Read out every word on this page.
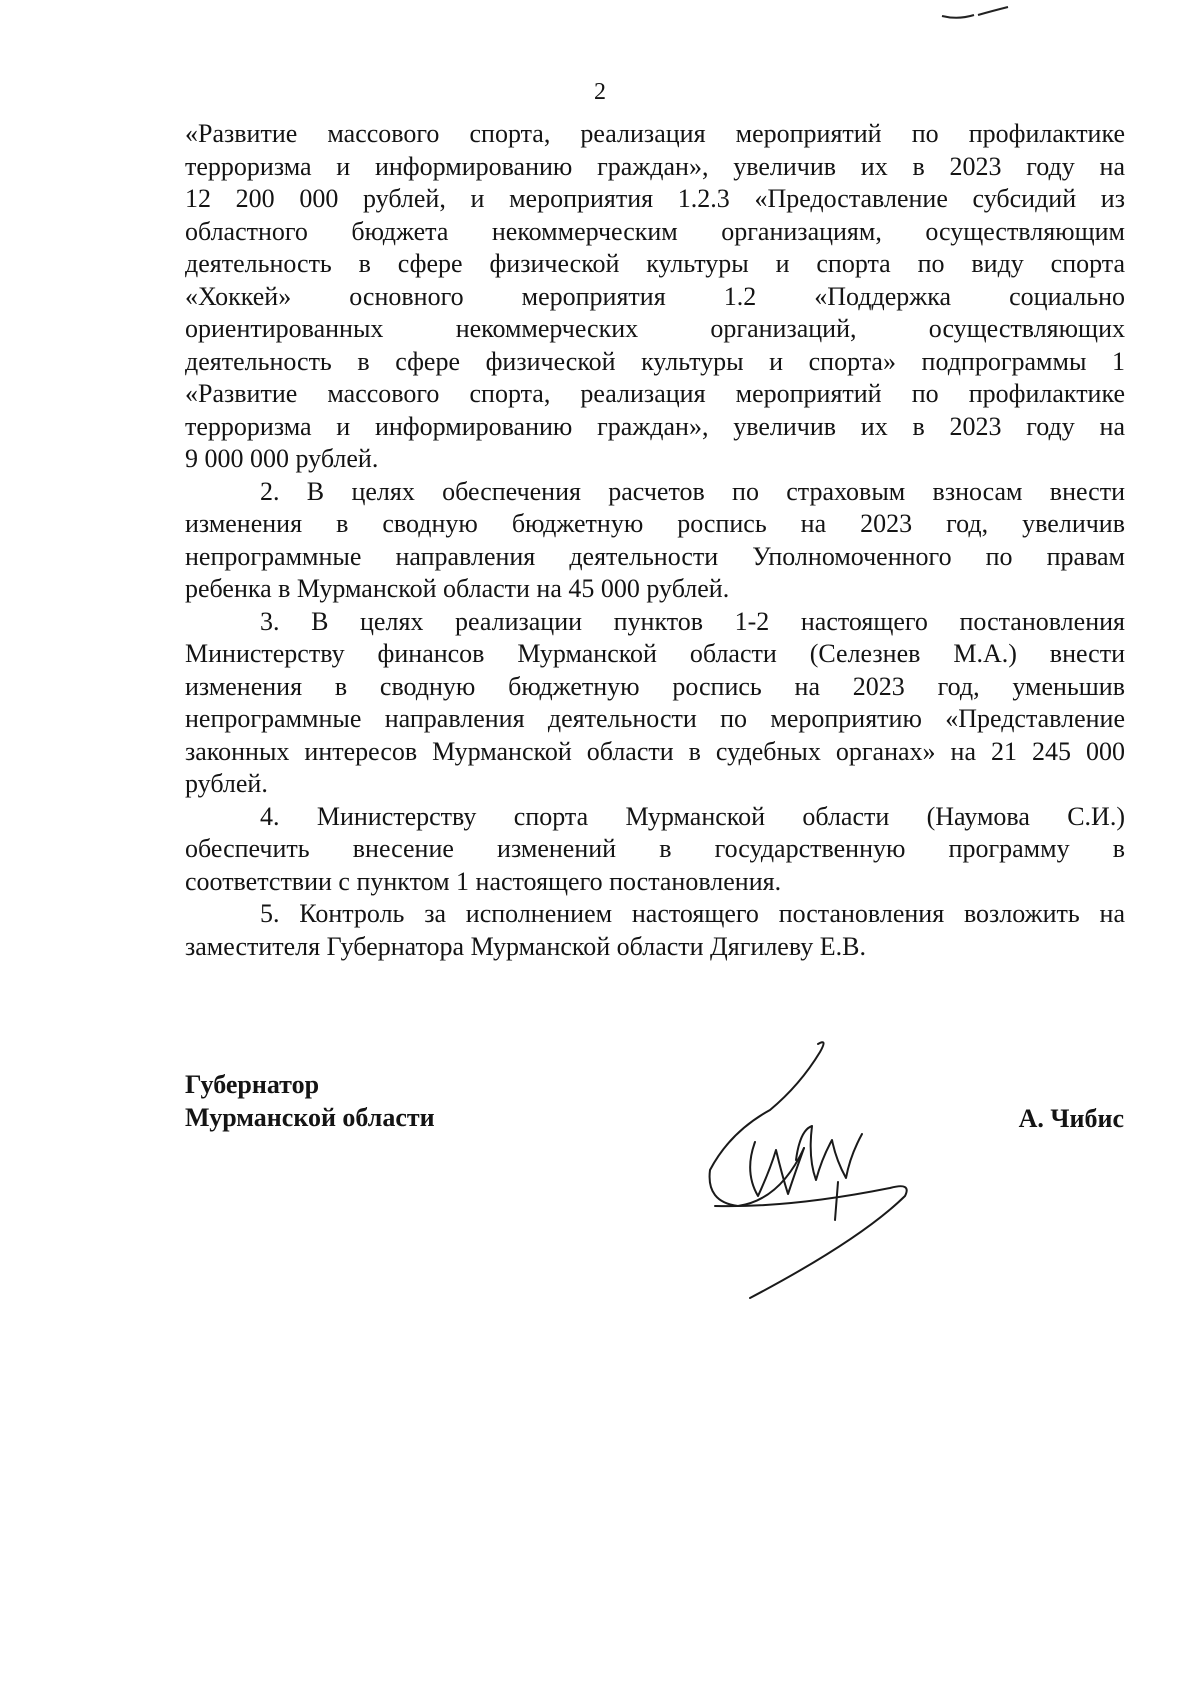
2
«Развитие массового спорта, реализация мероприятий по профилактике
терроризма и информированию граждан», увеличив их в 2023 году на
12 200 000 рублей, и мероприятия 1.2.3 «Предоставление субсидий из
областного бюджета некоммерческим организациям, осуществляющим
деятельность в сфере физической культуры и спорта по виду спорта
«Хоккей» основного мероприятия 1.2 «Поддержка социально
ориентированных некоммерческих организаций, осуществляющих
деятельность в сфере физической культуры и спорта» подпрограммы 1
«Развитие массового спорта, реализация мероприятий по профилактике
терроризма и информированию граждан», увеличив их в 2023 году на
9 000 000 рублей.
2. В целях обеспечения расчетов по страховым взносам внести
изменения в сводную бюджетную роспись на 2023 год, увеличив
непрограммные направления деятельности Уполномоченного по правам
ребенка в Мурманской области на 45 000 рублей.
3. В целях реализации пунктов 1-2 настоящего постановления
Министерству финансов Мурманской области (Селезнев М.А.) внести
изменения в сводную бюджетную роспись на 2023 год, уменьшив
непрограммные направления деятельности по мероприятию «Представление
законных интересов Мурманской области в судебных органах» на 21 245 000
рублей.
4. Министерству спорта Мурманской области (Наумова С.И.)
обеспечить внесение изменений в государственную программу в
соответствии с пунктом 1 настоящего постановления.
5. Контроль за исполнением настоящего постановления возложить на
заместителя Губернатора Мурманской области Дягилеву Е.В.
Губернатор
Мурманской области	А. Чибис
